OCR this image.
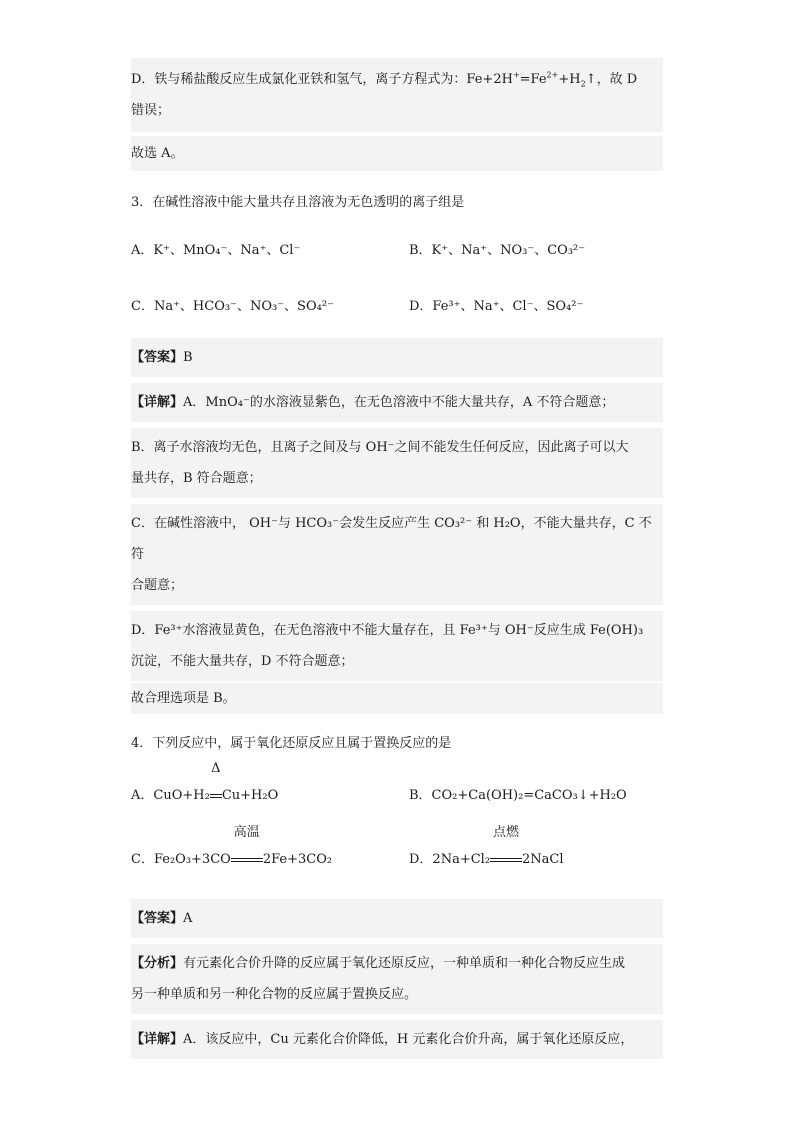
D．铁与稀盐酸反应生成氯化亚铁和氢气，离子方程式为：$Fe+2H^+=Fe^{2+}+H_2↑$，故 D
错误；
故选 A。
3．在碱性溶液中能大量共存且溶液为无色透明的离子组是
A．K⁺、MnO₄⁻、Na⁺、Cl⁻	B．K⁺、Na⁺、NO₃⁻、CO₃²⁻
C．Na⁺、HCO₃⁻、NO₃⁻、SO₄²⁻	D．Fe³⁺、Na⁺、Cl⁻、SO₄²⁻
【答案】B
【详解】A．MnO₄⁻的水溶液显紫色，在无色溶液中不能大量共存，A 不符合题意；
B．离子水溶液均无色，且离子之间及与 OH⁻之间不能发生任何反应，因此离子可以大
量共存，B 符合题意；
C．在碱性溶液中， OH⁻与 HCO₃⁻会发生反应产生 CO₃²⁻ 和 H₂O，不能大量共存，C 不符
合题意；
D．Fe³⁺水溶液显黄色，在无色溶液中不能大量存在，且 Fe³⁺与 OH⁻反应生成 Fe(OH)₃
沉淀，不能大量共存，D 不符合题意；
故合理选项是 B。
4．下列反应中，属于氧化还原反应且属于置换反应的是
A．CuO+H₂
Δ
Cu+H₂O	B．CO₂+Ca(OH)₂=CaCO₃↓+H₂O
C．Fe₂O₃+3CO
高温
2Fe+3CO₂	D．2Na+Cl₂
点燃
2NaCl
【答案】A
【分析】有元素化合价升降的反应属于氧化还原反应，一种单质和一种化合物反应生成
另一种单质和另一种化合物的反应属于置换反应。
【详解】A．该反应中，Cu 元素化合价降低，H 元素化合价升高，属于氧化还原反应，
